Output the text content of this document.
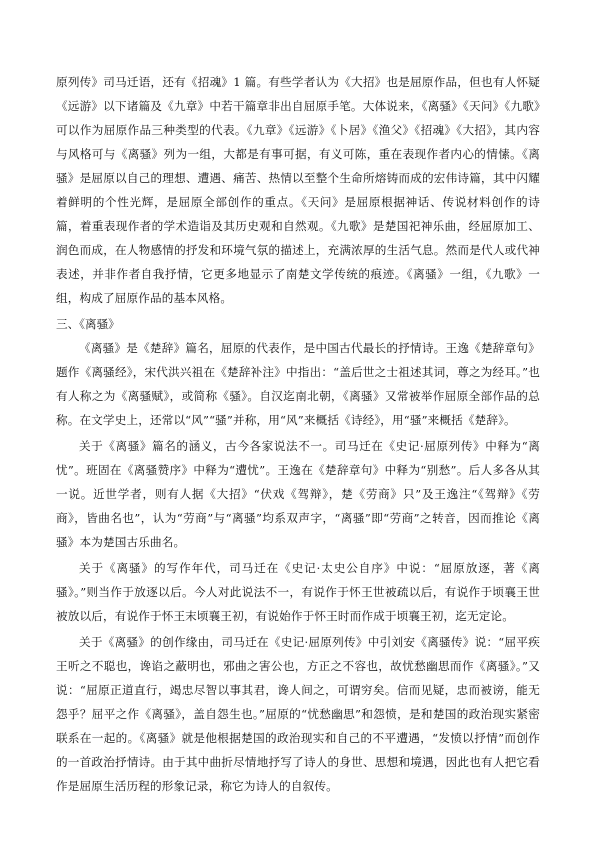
原列传》司马迁语，还有《招魂》1 篇。有些学者认为《大招》也是屈原作品，但也有人怀疑《远游》以下诸篇及《九章》中若干篇章非出自屈原手笔。大体说来，《离骚》《天问》《九歌》可以作为屈原作品三种类型的代表。《九章》《远游》《卜居》《渔父》《招魂》《大招》，其内容与风格可与《离骚》列为一组，大都是有事可据，有义可陈，重在表现作者内心的情愫。《离骚》是屈原以自己的理想、遭遇、痛苦、热情以至整个生命所熔铸而成的宏伟诗篇，其中闪耀着鲜明的个性光辉，是屈原全部创作的重点。《天问》是屈原根据神话、传说材料创作的诗篇，着重表现作者的学术造诣及其历史观和自然观。《九歌》是楚国祀神乐曲，经屈原加工、润色而成，在人物感情的抒发和环境气氛的描述上，充满浓厚的生活气息。然而是代人或代神表述，并非作者自我抒情，它更多地显示了南楚文学传统的痕迹。《离骚》一组，《九歌》一组，构成了屈原作品的基本风格。

三、《离骚》

《离骚》是《楚辞》篇名，屈原的代表作，是中国古代最长的抒情诗。王逸《楚辞章句》题作《离骚经》，宋代洪兴祖在《楚辞补注》中指出：“盖后世之士祖述其词，尊之为经耳。”也有人称之为《离骚赋》，或简称《骚》。自汉迄南北朝，《离骚》又常被举作屈原全部作品的总称。在文学史上，还常以“风”“骚”并称，用“风”来概括《诗经》，用“骚”来概括《楚辞》。

关于《离骚》篇名的涵义，古今各家说法不一。司马迁在《史记·屈原列传》中释为“离忧”。班固在《离骚赞序》中释为“遭忧”。王逸在《楚辞章句》中释为“别愁”。后人多各从其一说。近世学者，则有人据《大招》“伏戏《驾辩》，楚《劳商》只”及王逸注“《驾辩》《劳商》，皆曲名也”，认为“劳商”与“离骚”均系双声字，“离骚”即“劳商”之转音，因而推论《离骚》本为楚国古乐曲名。

关于《离骚》的写作年代，司马迁在《史记·太史公自序》中说：“屈原放逐，著《离骚》。”则当作于放逐以后。今人对此说法不一，有说作于怀王世被疏以后，有说作于顷襄王世被放以后，有说作于怀王末顷襄王初，有说始作于怀王时而作成于顷襄王初，迄无定论。

关于《离骚》的创作缘由，司马迁在《史记·屈原列传》中引刘安《离骚传》说：“屈平疾王听之不聪也，谗谄之蔽明也，邪曲之害公也，方正之不容也，故忧愁幽思而作《离骚》。”又说：“屈原正道直行，竭忠尽智以事其君，谗人间之，可谓穷矣。信而见疑，忠而被谤，能无怨乎？屈平之作《离骚》，盖自怨生也。”屈原的“忧愁幽思”和怨愤，是和楚国的政治现实紧密联系在一起的。《离骚》就是他根据楚国的政治现实和自己的不平遭遇，“发愤以抒情”而创作的一首政治抒情诗。由于其中曲折尽情地抒写了诗人的身世、思想和境遇，因此也有人把它看作是屈原生活历程的形象记录，称它为诗人的自叙传。
